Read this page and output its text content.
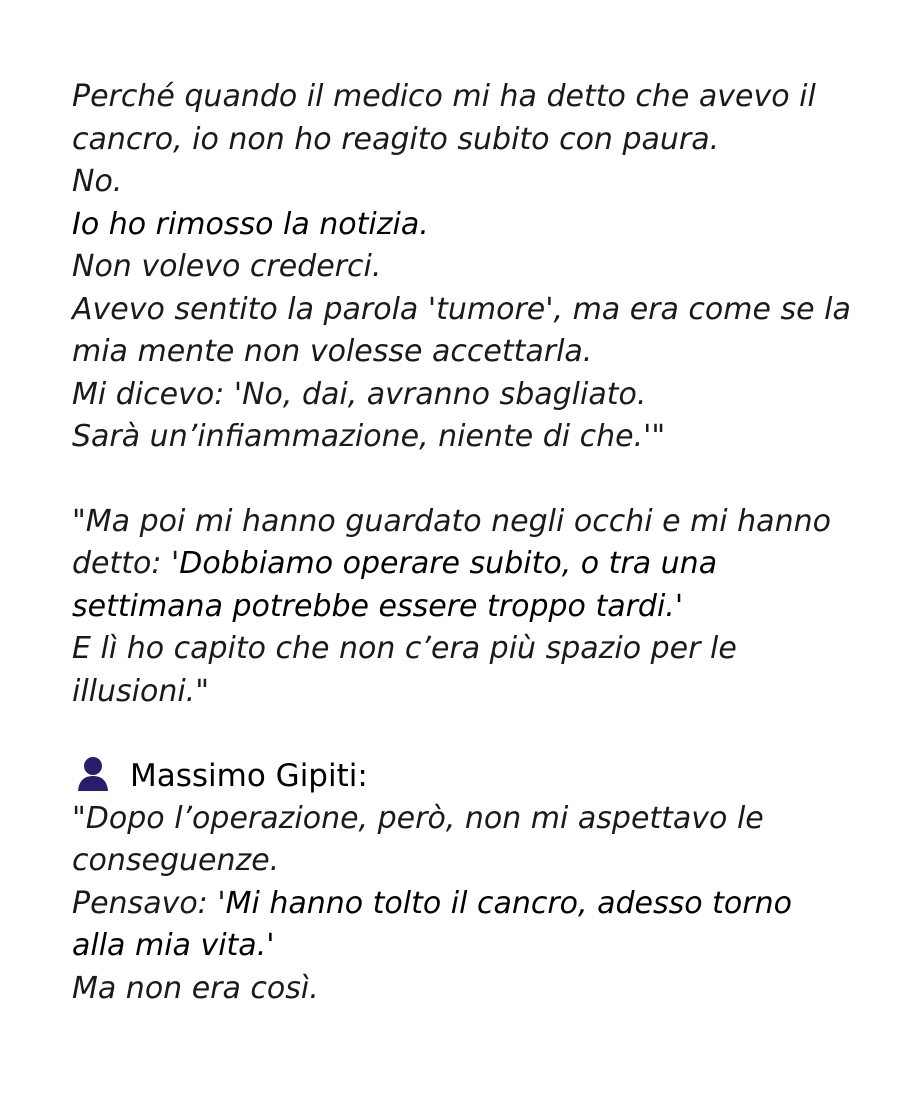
Perché quando il medico mi ha detto che avevo il
cancro, io non ho reagito subito con paura.
No.
Io ho rimosso la notizia.
Non volevo crederci.
Avevo sentito la parola 'tumore', ma era come se la
mia mente non volesse accettarla.
Mi dicevo: 'No, dai, avranno sbagliato.
Sarà un’infiammazione, niente di che.'"
"Ma poi mi hanno guardato negli occhi e mi hanno
detto: 'Dobbiamo operare subito, o tra una
settimana potrebbe essere troppo tardi.'
E lì ho capito che non c’era più spazio per le
illusioni."
Massimo Gipiti:
"Dopo l’operazione, però, non mi aspettavo le
conseguenze.
Pensavo: 'Mi hanno tolto il cancro, adesso torno
alla mia vita.'
Ma non era così.
